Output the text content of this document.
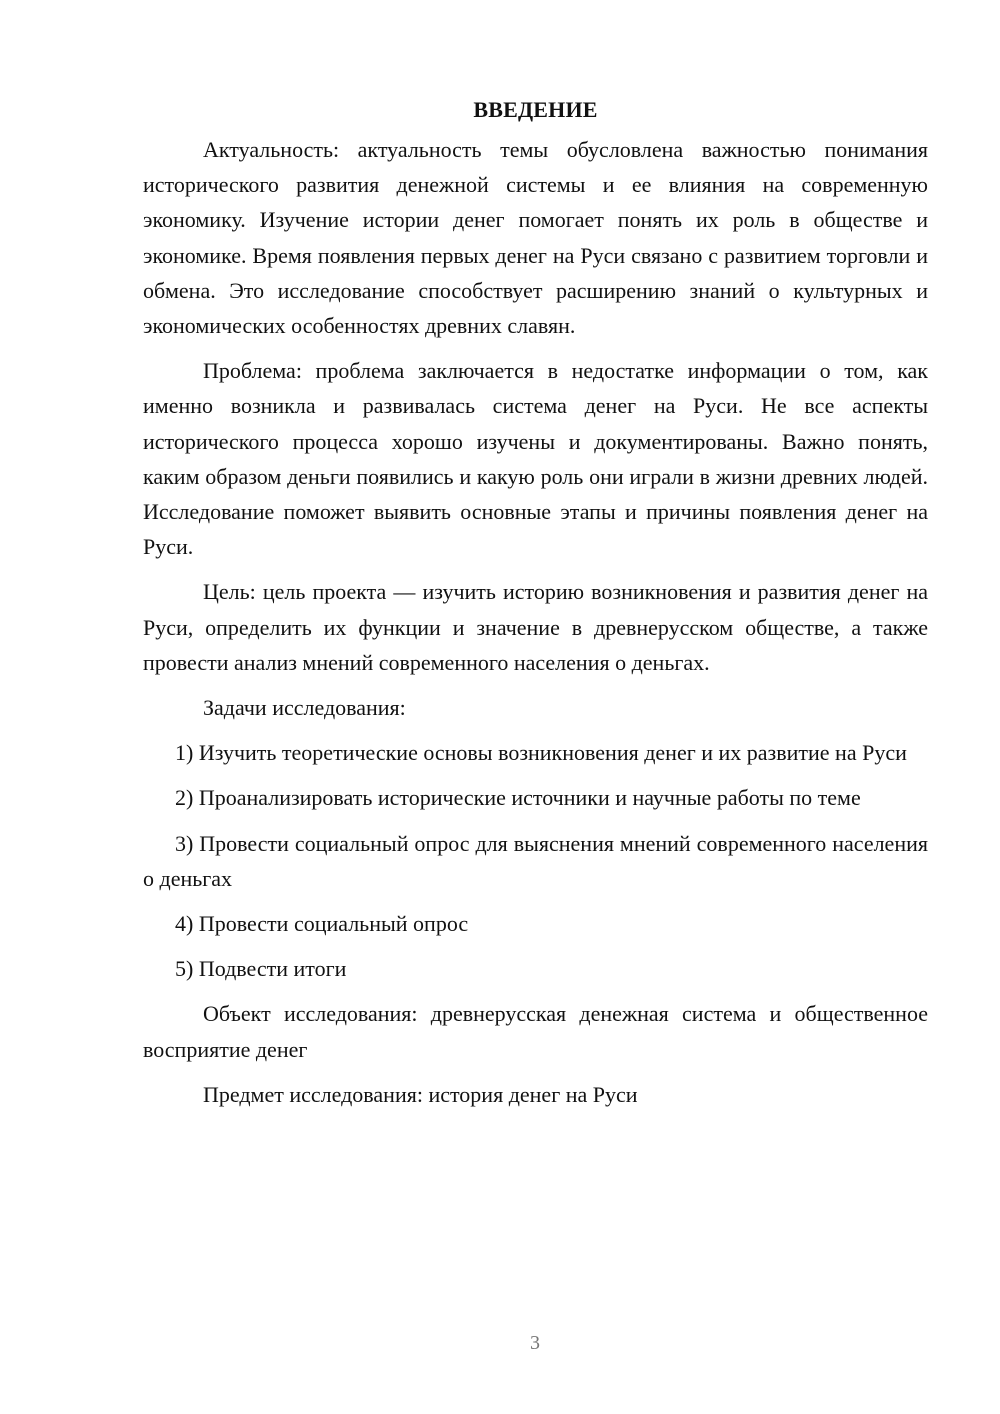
ВВЕДЕНИЕ

Актуальность: актуальность темы обусловлена важностью понимания исторического развития денежной системы и ее влияния на современную экономику. Изучение истории денег помогает понять их роль в обществе и экономике. Время появления первых денег на Руси связано с развитием торговли и обмена. Это исследование способствует расширению знаний о культурных и экономических особенностях древних славян.

Проблема: проблема заключается в недостатке информации о том, как именно возникла и развивалась система денег на Руси. Не все аспекты исторического процесса хорошо изучены и документированы. Важно понять, каким образом деньги появились и какую роль они играли в жизни древних людей. Исследование поможет выявить основные этапы и причины появления денег на Руси.

Цель: цель проекта — изучить историю возникновения и развития денег на Руси, определить их функции и значение в древнерусском обществе, а также провести анализ мнений современного населения о деньгах.

Задачи исследования:

1) Изучить теоретические основы возникновения денег и их развитие на Руси

2) Проанализировать исторические источники и научные работы по теме

3) Провести социальный опрос для выяснения мнений современного населения о деньгах

4) Провести социальный опрос

5) Подвести итоги

Объект исследования: древнерусская денежная система и общественное восприятие денег

Предмет исследования: история денег на Руси

3
